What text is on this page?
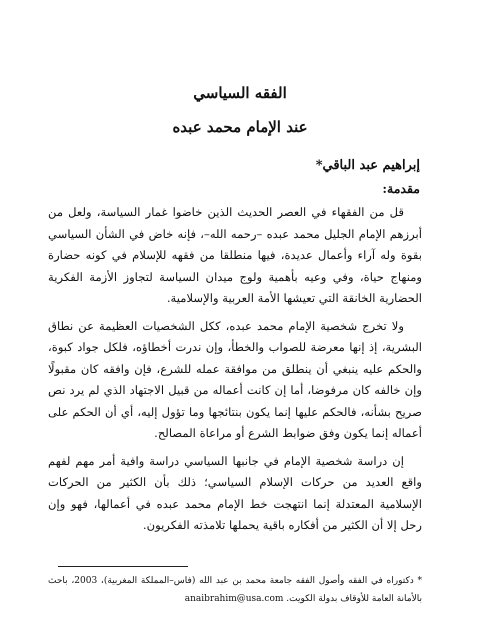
الفقه السياسي
عند الإمام محمد عبده
إبراهيم عبد الباقي*
مقدمة:

قل من الفقهاء في العصر الحديث الذين خاضوا غمار السياسة، ولعل من أبرزهم الإمام الجليل محمد عبده –رحمه الله–، فإنه خاض في الشأن السياسي بقوة وله آراء وأعمال عديدة، فيها منطلقا من فقهه للإسلام في كونه حضارة ومنهاج حياة، وفي وعيه بأهمية ولوج ميدان السياسة لتجاوز الأزمة الفكرية الحضارية الخانقة التي تعيشها الأمة العربية والإسلامية.

ولا تخرج شخصية الإمام محمد عبده، ككل الشخصيات العظيمة عن نطاق البشرية، إذ إنها معرضة للصواب والخطأ، وإن ندرت أخطاؤه، فلكل جواد كبوة، والحكم عليه ينبغي أن ينطلق من موافقة عمله للشرع، فإن وافقه كان مقبولًا وإن خالفه كان مرفوضا، أما إن كانت أعماله من قبيل الاجتهاد الذي لم يرد نص صريح بشأنه، فالحكم عليها إنما يكون بنتائجها وما تؤول إليه، أي أن الحكم على أعماله إنما يكون وفق ضوابط الشرع أو مراعاة المصالح.

إن دراسة شخصية الإمام في جانبها السياسي دراسة وافية أمر مهم لفهم واقع العديد من حركات الإسلام السياسي؛ ذلك بأن الكثير من الحركات الإسلامية المعتدلة إنما انتهجت خط الإمام محمد عبده في أعمالها، فهو وإن رحل إلا أن الكثير من أفكاره باقية يحملها تلامذته الفكريون.

* دكتوراه في الفقه وأصول الفقه جامعة محمد بن عبد الله (فاس–المملكة المغربية)، 2003، باحث بالأمانة العامة للأوقاف بدولة الكويت. anaibrahim@usa.com
